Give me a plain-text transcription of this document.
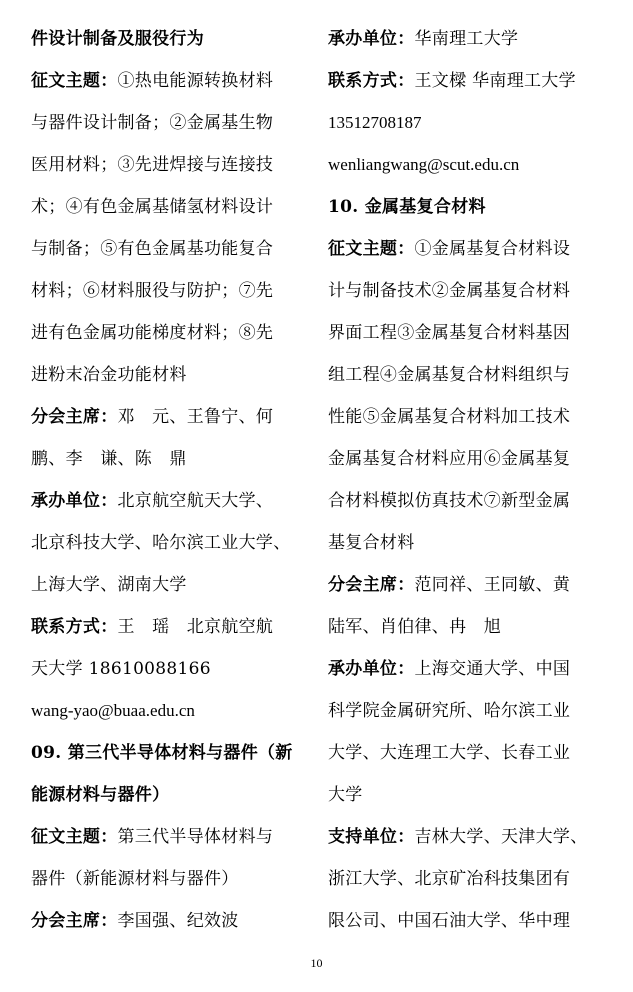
件设计制备及服役行为
征文主题：①热电能源转换材料
与器件设计制备；②金属基生物
医用材料；③先进焊接与连接技
术；④有色金属基储氢材料设计
与制备；⑤有色金属基功能复合
材料；⑥材料服役与防护；⑦先
进有色金属功能梯度材料；⑧先
进粉末冶金功能材料
分会主席：邓　元、王鲁宁、何
鹏、李　谦、陈　鼎
承办单位：北京航空航天大学、
北京科技大学、哈尔滨工业大学、
上海大学、湖南大学
联系方式：王　瑶　北京航空航
天大学 18610088166
wang-yao@buaa.edu.cn
09. 第三代半导体材料与器件（新
能源材料与器件）
征文主题：第三代半导体材料与
器件（新能源材料与器件）
分会主席：李国强、纪效波
承办单位：华南理工大学
联系方式：王文樑 华南理工大学
13512708187
wenliangwang@scut.edu.cn
10. 金属基复合材料
征文主题：①金属基复合材料设
计与制备技术②金属基复合材料
界面工程③金属基复合材料基因
组工程④金属基复合材料组织与
性能⑤金属基复合材料加工技术
金属基复合材料应用⑥金属基复
合材料模拟仿真技术⑦新型金属
基复合材料
分会主席：范同祥、王同敏、黄
陆军、肖伯律、冉　旭
承办单位：上海交通大学、中国
科学院金属研究所、哈尔滨工业
大学、大连理工大学、长春工业
大学
支持单位：吉林大学、天津大学、
浙江大学、北京矿冶科技集团有
限公司、中国石油大学、华中理
10
